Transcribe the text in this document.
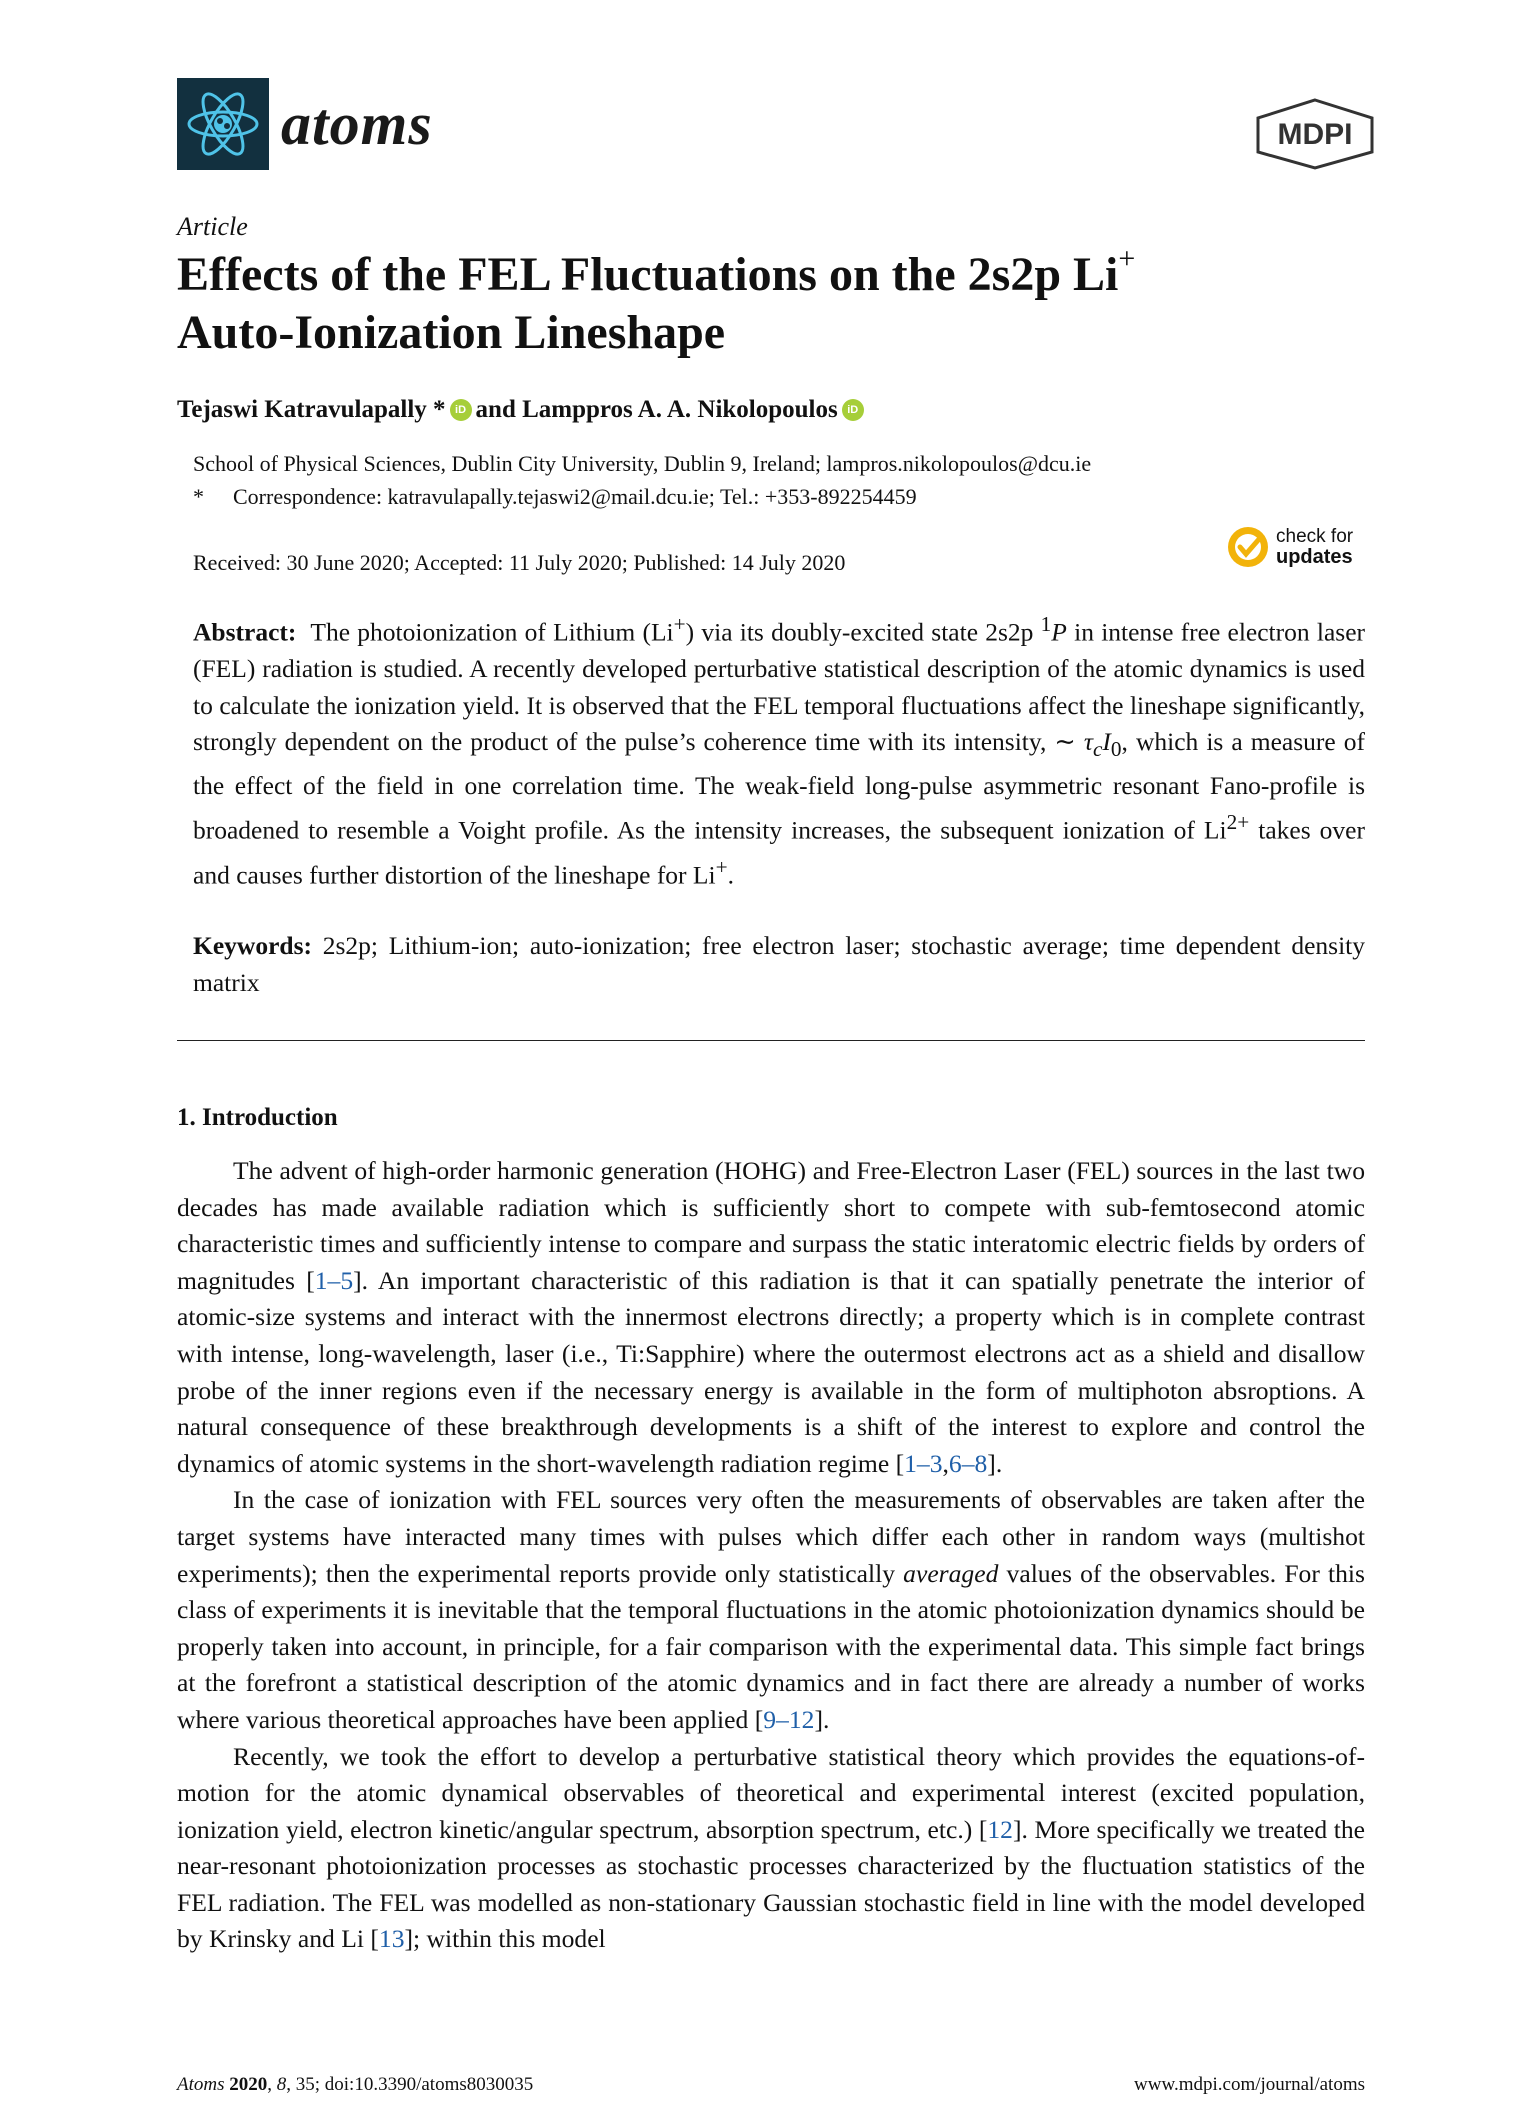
atoms	MDPI
Article
Effects of the FEL Fluctuations on the 2s2p Li+
Auto-Ionization Lineshape
Tejaswi Katravulapally * iD and Lamppros A. A. Nikolopoulos iD
School of Physical Sciences, Dublin City University, Dublin 9, Ireland; lampros.nikolopoulos@dcu.ie
* Correspondence: katravulapally.tejaswi2@mail.dcu.ie; Tel.: +353-892254459
Received: 30 June 2020; Accepted: 11 July 2020; Published: 14 July 2020
check for
updates
Abstract: The photoionization of Lithium (Li+) via its doubly-excited state 2s2p $^1$P in intense free electron laser (FEL) radiation is studied. A recently developed perturbative statistical description of the atomic dynamics is used to calculate the ionization yield. It is observed that the FEL temporal fluctuations affect the lineshape significantly, strongly dependent on the product of the pulse’s coherence time with its intensity, ∼ $\tau_cI_0$, which is a measure of the effect of the field in one correlation time. The weak-field long-pulse asymmetric resonant Fano-profile is broadened to resemble a Voight profile. As the intensity increases, the subsequent ionization of $Li^{2+}$ takes over and causes further distortion of the lineshape for Li+.
Keywords: 2s2p; Lithium-ion; auto-ionization; free electron laser; stochastic average; time dependent density matrix
1. Introduction

The advent of high-order harmonic generation (HOHG) and Free-Electron Laser (FEL) sources in the last two decades has made available radiation which is sufficiently short to compete with sub-femtosecond atomic characteristic times and sufficiently intense to compare and surpass the static interatomic electric fields by orders of magnitudes [1–5]. An important characteristic of this radiation is that it can spatially penetrate the interior of atomic-size systems and interact with the innermost electrons directly; a property which is in complete contrast with intense, long-wavelength, laser (i.e., Ti:Sapphire) where the outermost electrons act as a shield and disallow probe of the inner regions even if the necessary energy is available in the form of multiphoton absroptions. A natural consequence of these breakthrough developments is a shift of the interest to explore and control the dynamics of atomic systems in the short-wavelength radiation regime [1–3,6–8].

In the case of ionization with FEL sources very often the measurements of observables are taken after the target systems have interacted many times with pulses which differ each other in random ways (multishot experiments); then the experimental reports provide only statistically averaged values of the observables. For this class of experiments it is inevitable that the temporal fluctuations in the atomic photoionization dynamics should be properly taken into account, in principle, for a fair comparison with the experimental data. This simple fact brings at the forefront a statistical description of the atomic dynamics and in fact there are already a number of works where various theoretical approaches have been applied [9–12].

Recently, we took the effort to develop a perturbative statistical theory which provides the equations-of-motion for the atomic dynamical observables of theoretical and experimental interest (excited population, ionization yield, electron kinetic/angular spectrum, absorption spectrum, etc.) [12]. More specifically we treated the near-resonant photoionization processes as stochastic processes characterized by the fluctuation statistics of the FEL radiation. The FEL was modelled as non-stationary Gaussian stochastic field in line with the model developed by Krinsky and Li [13]; within this model

Atoms 2020, 8, 35; doi:10.3390/atoms8030035	www.mdpi.com/journal/atoms
